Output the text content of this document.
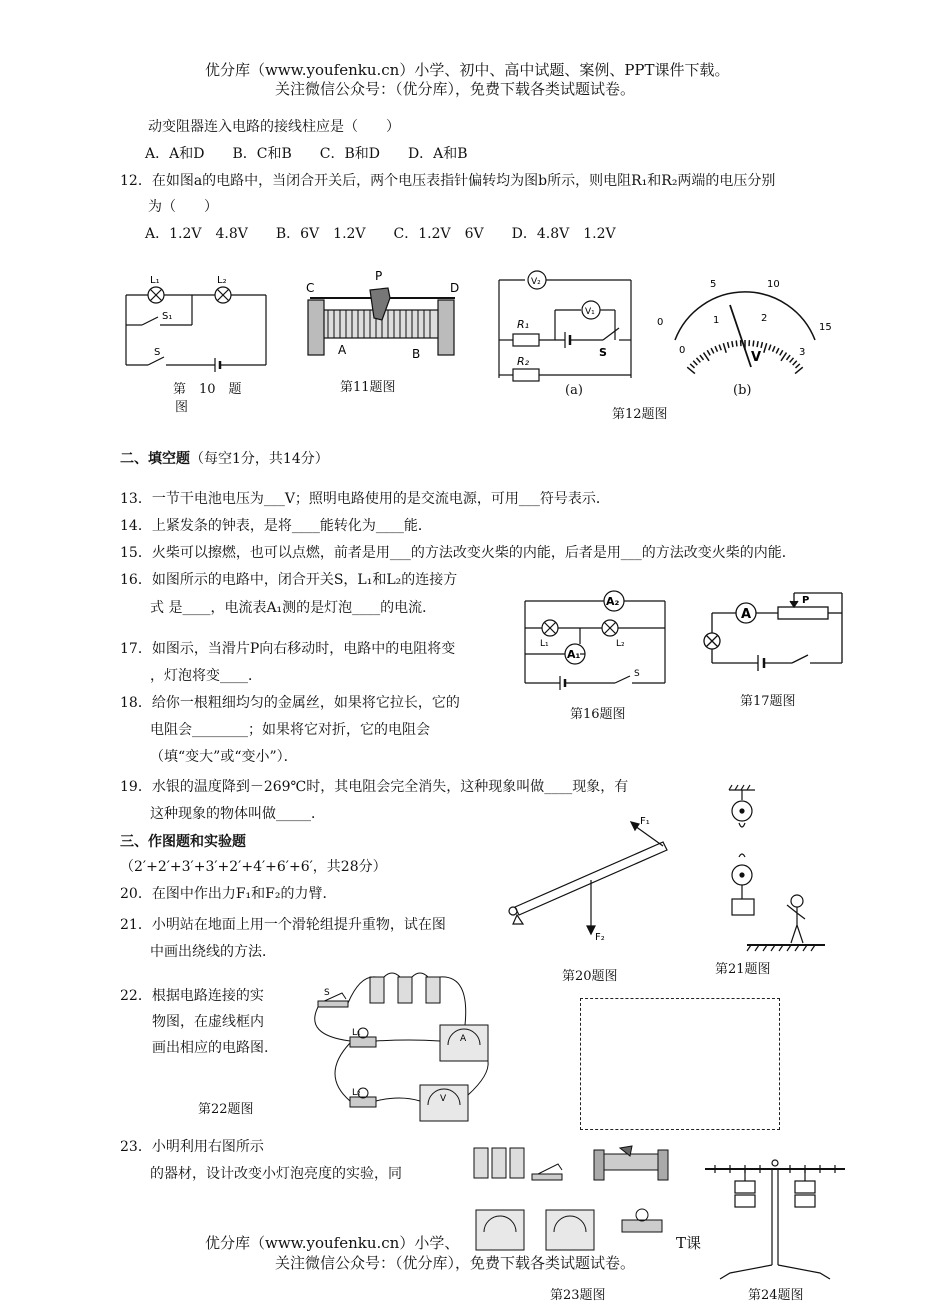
优分库（www.youfenku.cn）小学、初中、高中试题、案例、PPT课件下载。
关注微信公众号：（优分库），免费下载各类试题试卷。
动变阻器连入电路的接线柱应是（　　）
A．A和D　　B．C和B　　C．B和D　　D．A和B
12．在如图a的电路中，当闭合开关后，两个电压表指针偏转均为图b所示，则电阻R₁和R₂两端的电压分别
为（　　）
A．1.2V　4.8V　　B．6V　1.2V　　C．1.2V　6V　　D．4.8V　1.2V
L₁	L₂
S₁
S
第　10　题
图
P
C	D
A	B
第11题图
V₂
V₁
R₁
R₂
S
(a)
0
5	10
15
0
1	2
3
V
(b)
第12题图
二、填空题（每空1分，共14分）
13．一节干电池电压为___V；照明电路使用的是交流电源，可用___符号表示．
14．上紧发条的钟表，是将____能转化为____能．
15．火柴可以擦燃，也可以点燃，前者是用___的方法改变火柴的内能，后者是用___的方法改变火柴的内能．
16．如图所示的电路中，闭合开关S，L₁和L₂的连接方
式 是____，电流表A₁测的是灯泡____的电流．
17．如图示，当滑片P向右移动时，电路中的电阻将变
，灯泡将变____．
18．给你一根粗细均匀的金属丝，如果将它拉长，它的
电阻会________；如果将它对折，它的电阻会
（填“变大”或“变小”）．
19．水银的温度降到－269℃时，其电阻会完全消失，这种现象叫做____现象，有
这种现象的物体叫做_____．
A₂
A₁
L₁	L₂
S
第16题图
A
P
第17题图
三、作图题和实验题
（2′+2′+3′+3′+2′+4′+6′+6′，共28分）
20．在图中作出力F₁和F₂的力臂．
21．小明站在地面上用一个滑轮组提升重物，试在图
中画出绕线的方法．
F₁
F₂
第20题图	第21题图
22．根据电路连接的实
物图，在虚线框内
画出相应的电路图.
S
L₁
L₂
A
V
第22题图
23．小明利用右图所示
的器材，设计改变小灯泡亮度的实验，同
第23题图	第24题图
优分库（www.youfenku.cn）小学、	T课
关注微信公众号：（优分库），免费下载各类试题试卷。
